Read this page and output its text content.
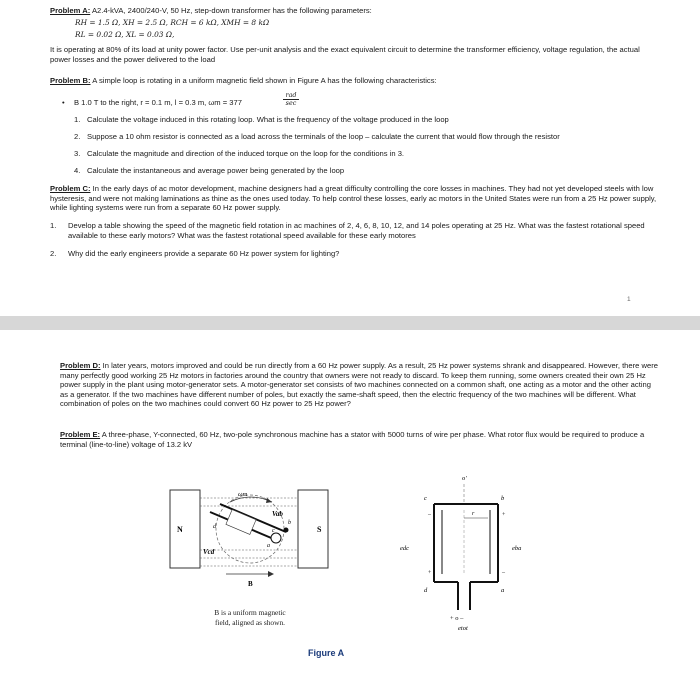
Problem A: A2.4-kVA, 2400/240-V, 50 Hz, step-down transformer has the following parameters:
RH = 1.5 Ω, XH = 2.5 Ω, RCH = 6 kΩ, XMH = 8 kΩ
RL = 0.02 Ω, XL = 0.03 Ω,
It is operating at 80% of its load at unity power factor. Use per-unit analysis and the exact equivalent circuit to determine the transformer efficiency, voltage regulation, the actual power losses and the power delivered to the load
Problem B: A simple loop is rotating in a uniform magnetic field shown in Figure A has the following characteristics:
• B 1.0 T to the right, r = 0.1 m, l = 0.3 m, ωm = 377
rad
sec
1. Calculate the voltage induced in this rotating loop. What is the frequency of the voltage produced in the loop
2. Suppose a 10 ohm resistor is connected as a load across the terminals of the loop – calculate the current that would flow through the resistor
3. Calculate the magnitude and direction of the induced torque on the loop for the conditions in 3.
4. Calculate the instantaneous and average power being generated by the loop
Problem C: In the early days of ac motor development, machine designers had a great difficulty controlling the core losses in machines. They had not yet developed steels with low hysteresis, and were not making laminations as thine as the ones used today. To help control these losses, early ac motors in the United States were run from a 25 Hz power supply, while lighting systems were run from a separate 60 Hz power supply.
1. Develop a table showing the speed of the magnetic field rotation in ac machines of 2, 4, 6, 8, 10, 12, and 14 poles operating at 25 Hz. What was the fastest rotational speed available to these early motors? What was the fastest rotational speed available for these early motores
2. Why did the early engineers provide a separate 60 Hz power system for lighting?
1
Problem D: In later years, motors improved and could be run directly from a 60 Hz power supply. As a result, 25 Hz power systems shrank and disappeared. However, there were many perfectly good working 25 Hz motors in factories around the country that owners were not ready to discard. To keep them running, some owners created their own 25 Hz power supply in the plant using motor-generator sets. A motor-generator set consists of two machines connected on a common shaft, one acting as a motor and the other acting as a generator. If the two machines have different number of poles, but exactly the same-shaft speed, then the electric frequency of the two machines will be different. What combination of poles on the two machines could convert 60 Hz power to 25 Hz power?
Problem E: A three-phase, Y-connected, 60 Hz, two-pole synchronous machine has a stator with 5000 turns of wire per phase. What rotor flux would be required to produce a terminal (line-to-line) voltage of 13.2 kV
N	S
ωm
Vab
Vcd
d
a
b
c
B
B is a uniform magnetic
field, aligned as shown.
o'
r
c	b
d	a
–
+
+
–
edc	eba
+ o –
etot
Figure A
